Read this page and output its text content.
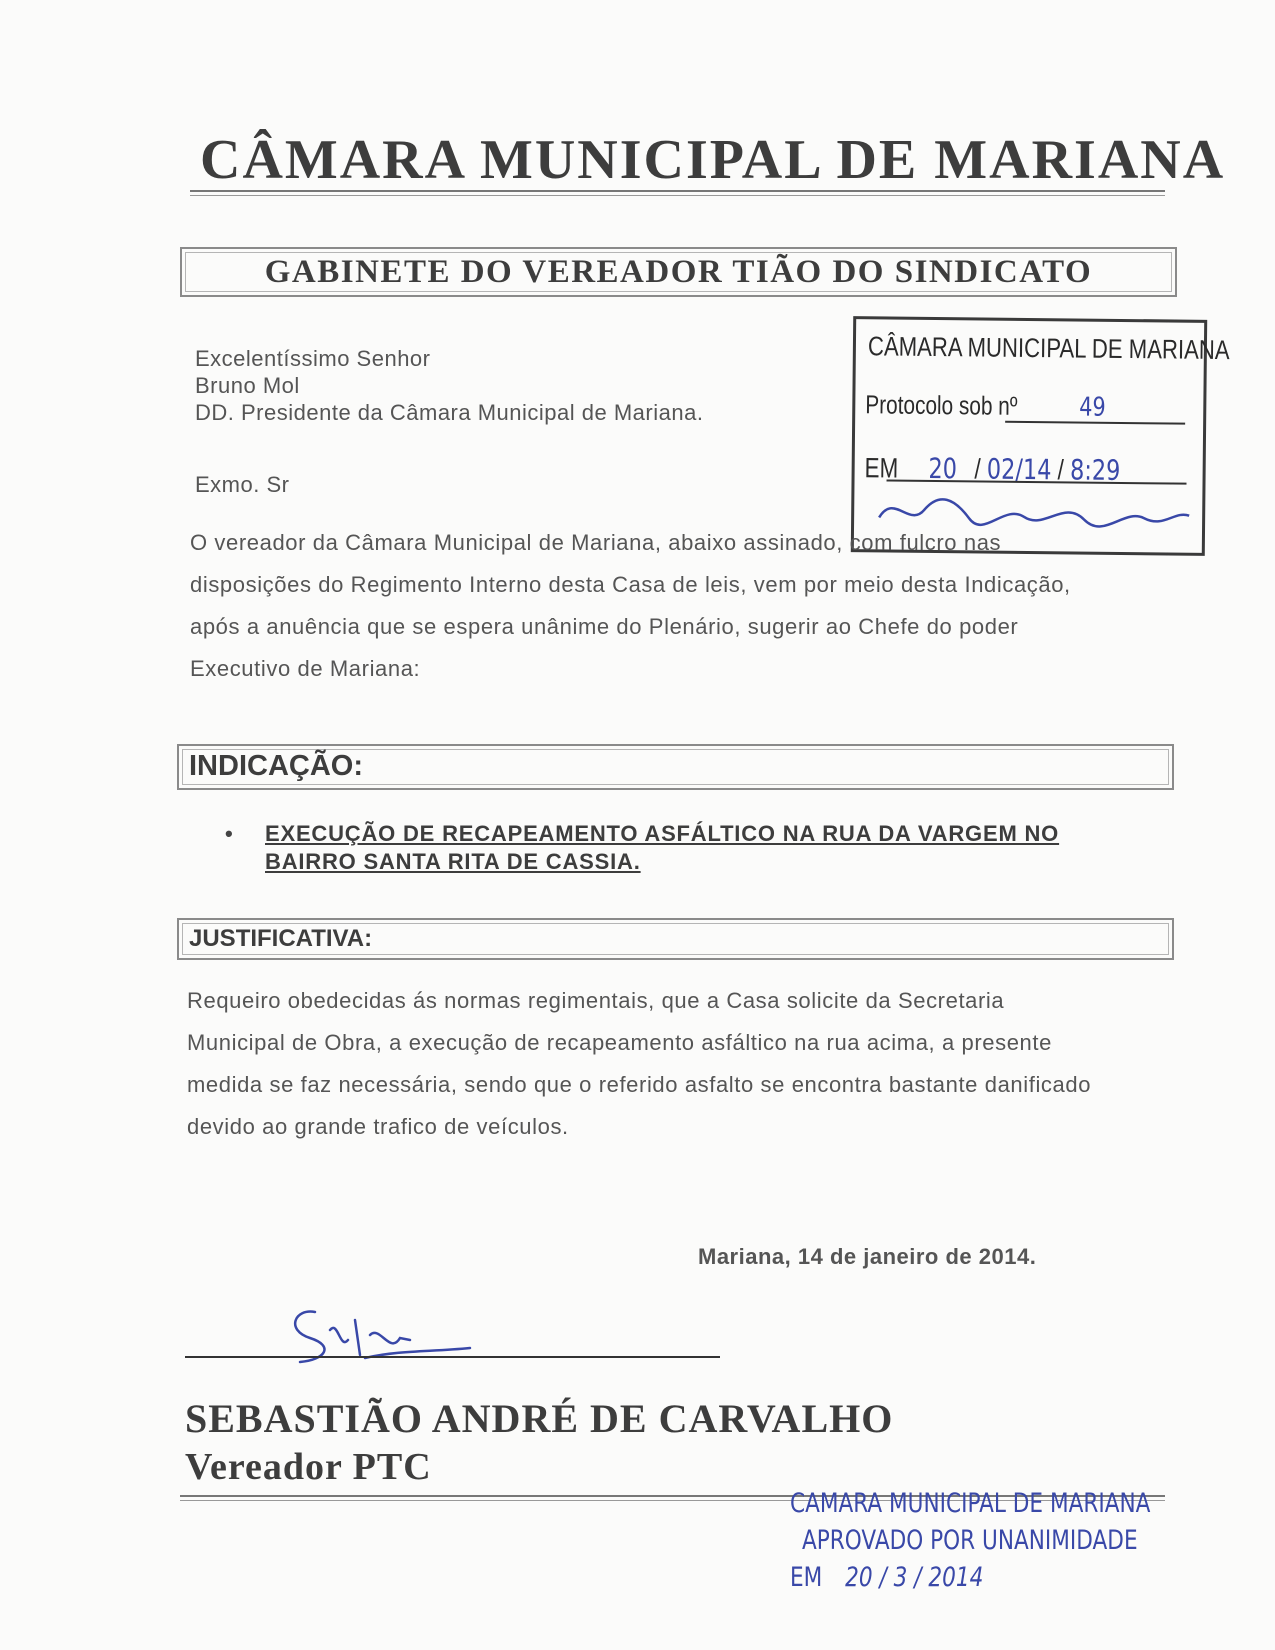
CÂMARA MUNICIPAL DE MARIANA
GABINETE DO VEREADOR TIÃO DO SINDICATO
Excelentíssimo Senhor
Bruno Mol
DD. Presidente da Câmara Municipal de Mariana.
Exmo. Sr
CÂMARA MUNICIPAL DE MARIANA
Protocolo sob nº 49
EM 20 / 02/14 / 8:29
O vereador da Câmara Municipal de Mariana, abaixo assinado, com fulcro nas
disposições do Regimento Interno desta Casa de leis, vem por meio desta Indicação,
após a anuência que se espera unânime do Plenário, sugerir ao Chefe do poder
Executivo de Mariana:
INDICAÇÃO:
• EXECUÇÃO DE RECAPEAMENTO ASFÁLTICO NA RUA DA VARGEM NO BAIRRO SANTA RITA DE CASSIA.
JUSTIFICATIVA:
Requeiro obedecidas ás normas regimentais, que a Casa solicite da Secretaria
Municipal de Obra, a execução de recapeamento asfáltico na rua acima, a presente
medida se faz necessária, sendo que o referido asfalto se encontra bastante danificado
devido ao grande trafico de veículos.
Mariana, 14 de janeiro de 2014.
SEBASTIÃO ANDRÉ DE CARVALHO
Vereador PTC
CAMARA MUNICIPAL DE MARIANA
APROVADO POR UNANIMIDADE
EM 20 / 3 / 2014
